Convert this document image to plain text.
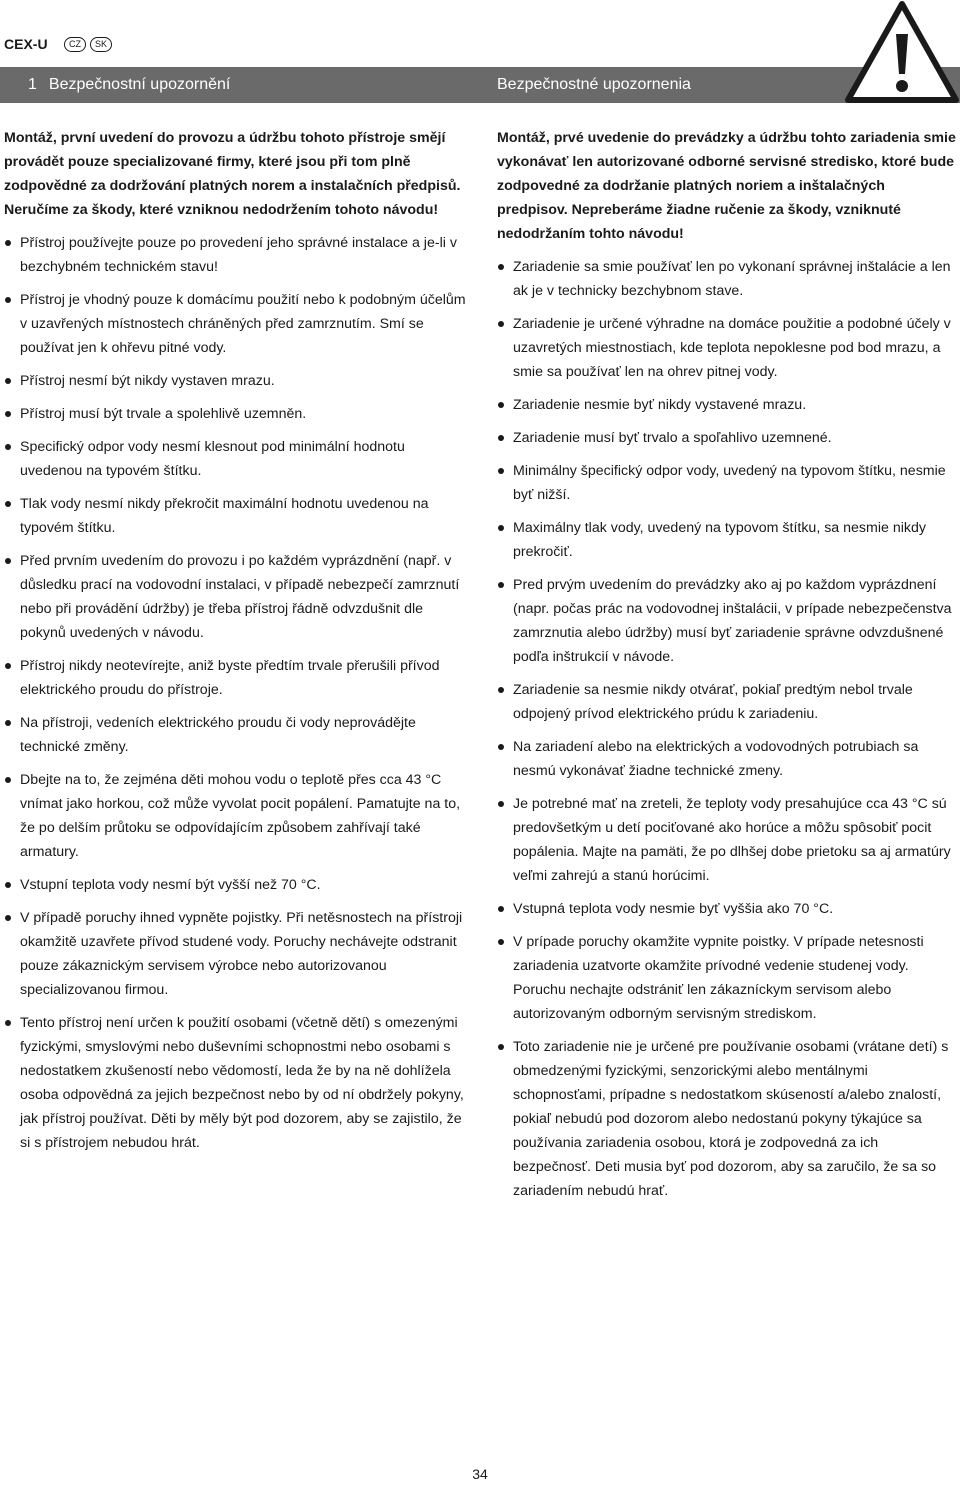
CEX-U	CZ	SK
1 Bezpečnostní upozornění	Bezpečnostné upozornenia

Montáž, první uvedení do provozu a údržbu tohoto přístroje smějí provádět pouze specializované firmy, které jsou při tom plně zodpovědné za dodržování platných norem a instalačních předpisů. Neručíme za škody, které vzniknou nedodržením tohoto návodu!

Přístroj používejte pouze po provedení jeho správné instalace a je-li v bezchybném technickém stavu!
Přístroj je vhodný pouze k domácímu použití nebo k podobným účelům v uzavřených místnostech chráněných před zamrznutím. Smí se používat jen k ohřevu pitné vody.
Přístroj nesmí být nikdy vystaven mrazu.
Přístroj musí být trvale a spolehlivě uzemněn.
Specifický odpor vody nesmí klesnout pod minimální hodnotu uvedenou na typovém štítku.
Tlak vody nesmí nikdy překročit maximální hodnotu uvedenou na typovém štítku.
Před prvním uvedením do provozu i po každém vyprázdnění (např. v důsledku prací na vodovodní instalaci, v případě nebezpečí zamrznutí nebo při provádění údržby) je třeba přístroj řádně odvzdušnit dle pokynů uvedených v návodu.
Přístroj nikdy neotevírejte, aniž byste předtím trvale přerušili přívod elektrického proudu do přístroje.
Na přístroji, vedeních elektrického proudu či vody neprovádějte technické změny.
Dbejte na to, že zejména děti mohou vodu o teplotě přes cca 43 °C vnímat jako horkou, což může vyvolat pocit popálení. Pamatujte na to, že po delším průtoku se odpovídajícím způsobem zahřívají také armatury.
Vstupní teplota vody nesmí být vyšší než 70 °C.
V případě poruchy ihned vypněte pojistky. Při netěsnostech na přístroji okamžitě uzavřete přívod studené vody. Poruchy nechávejte odstranit pouze zákaznickým servisem výrobce nebo autorizovanou specializovanou firmou.
Tento přístroj není určen k použití osobami (včetně dětí) s omezenými fyzickými, smyslovými nebo duševními schopnostmi nebo osobami s nedostatkem zkušeností nebo vědomostí, leda že by na ně dohlížela osoba odpovědná za jejich bezpečnost nebo by od ní obdržely pokyny, jak přístroj používat. Děti by měly být pod dozorem, aby se zajistilo, že si s přístrojem nebudou hrát.

Montáž, prvé uvedenie do prevádzky a údržbu tohto zariadenia smie vykonávať len autorizované odborné servisné stredisko, ktoré bude zodpovedné za dodržanie platných noriem a inštalačných predpisov. Nepreberáme žiadne ručenie za škody, vzniknuté nedodržaním tohto návodu!

Zariadenie sa smie používať len po vykonaní správnej inštalácie a len ak je v technicky bezchybnom stave.
Zariadenie je určené výhradne na domáce použitie a podobné účely v uzavretých miestnostiach, kde teplota nepoklesne pod bod mrazu, a smie sa používať len na ohrev pitnej vody.
Zariadenie nesmie byť nikdy vystavené mrazu.
Zariadenie musí byť trvalo a spoľahlivo uzemnené.
Minimálny špecifický odpor vody, uvedený na typovom štítku, nesmie byť nižší.
Maximálny tlak vody, uvedený na typovom štítku, sa nesmie nikdy prekročiť.
Pred prvým uvedením do prevádzky ako aj po každom vyprázdnení (napr. počas prác na vodovodnej inštalácii, v prípade nebezpečenstva zamrznutia alebo údržby) musí byť zariadenie správne odvzdušnené podľa inštrukcií v návode.
Zariadenie sa nesmie nikdy otvárať, pokiaľ predtým nebol trvale odpojený prívod elektrického prúdu k zariadeniu.
Na zariadení alebo na elektrických a vodovodných potrubiach sa nesmú vykonávať žiadne technické zmeny.
Je potrebné mať na zreteli, že teploty vody presahujúce cca 43 °C sú predovšetkým u detí pociťované ako horúce a môžu spôsobiť pocit popálenia. Majte na pamäti, že po dlhšej dobe prietoku sa aj armatúry veľmi zahrejú a stanú horúcimi.
Vstupná teplota vody nesmie byť vyššia ako 70 °C.
V prípade poruchy okamžite vypnite poistky. V prípade netesnosti zariadenia uzatvorte okamžite prívodné vedenie studenej vody. Poruchu nechajte odstrániť len zákazníckym servisom alebo autorizovaným odborným servisným strediskom.
Toto zariadenie nie je určené pre používanie osobami (vrátane detí) s obmedzenými fyzickými, senzorickými alebo mentálnymi schopnosťami, prípadne s nedostatkom skúseností a/alebo znalostí, pokiaľ nebudú pod dozorom alebo nedostanú pokyny týkajúce sa používania zariadenia osobou, ktorá je zodpovedná za ich bezpečnosť. Deti musia byť pod dozorom, aby sa zaručilo, že sa so zariadením nebudú hrať.
34
